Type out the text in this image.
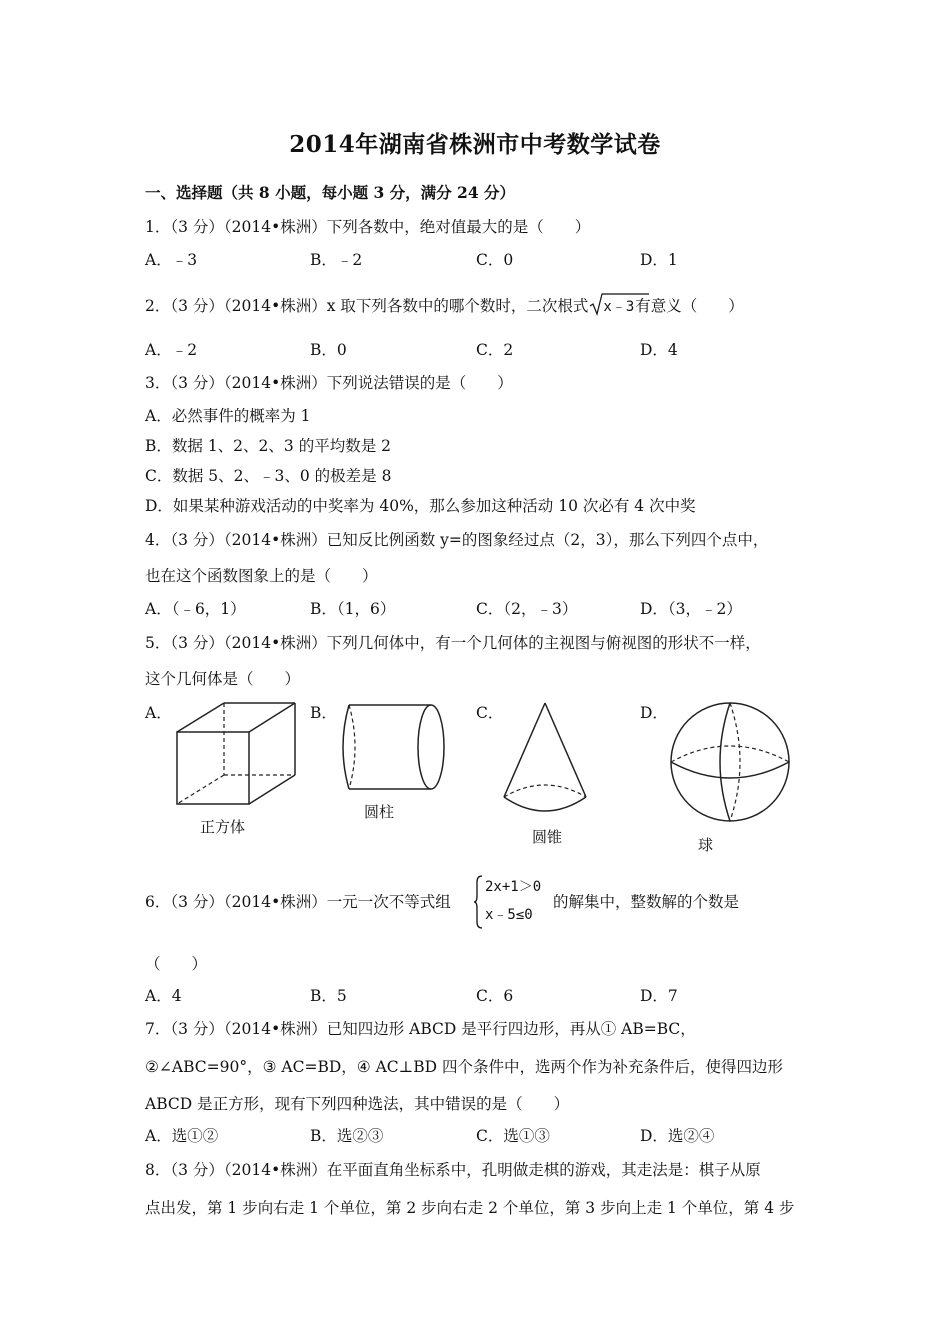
2014年湖南省株洲市中考数学试卷
一、选择题（共 8 小题，每小题 3 分，满分 24 分）
1．（3 分）（2014•株洲）下列各数中，绝对值最大的是（　　）
A．﹣3	B．﹣2	C．0	D．1
2．（3 分）（2014•株洲）x 取下列各数中的哪个数时，二次根式 x﹣3有意义（　　）
A．﹣2	B．0	C．2	D．4
3．（3 分）（2014•株洲）下列说法错误的是（　　）
A．必然事件的概率为 1
B．数据 1、2、2、3 的平均数是 2
C．数据 5、2、﹣3、0 的极差是 8
D．如果某种游戏活动的中奖率为 40%，那么参加这种活动 10 次必有 4 次中奖
4．（3 分）（2014•株洲）已知反比例函数 y=的图象经过点（2，3），那么下列四个点中，
也在这个函数图象上的是（　　）
A．（﹣6，1）	B．（1，6）	C．（2，﹣3）	D．（3，﹣2）
5．（3 分）（2014•株洲）下列几何体中，有一个几何体的主视图与俯视图的形状不一样，
这个几何体是（　　）
A．	B．	C．	D．
正方体
圆柱
圆锥	球
6．（3 分）（2014•株洲）一元一次不等式组
2x+1＞0
x﹣5≤0
的解集中，整数解的个数是
（　　）
A．4	B．5	C．6	D．7
7．（3 分）（2014•株洲）已知四边形 ABCD 是平行四边形，再从① AB=BC，
②∠ABC=90°，③ AC=BD，④ AC⊥BD 四个条件中，选两个作为补充条件后，使得四边形
ABCD 是正方形，现有下列四种选法，其中错误的是（　　）
A．选①②	B．选②③	C．选①③	D．选②④
8．（3 分）（2014•株洲）在平面直角坐标系中，孔明做走棋的游戏，其走法是：棋子从原
点出发，第 1 步向右走 1 个单位，第 2 步向右走 2 个单位，第 3 步向上走 1 个单位，第 4 步
